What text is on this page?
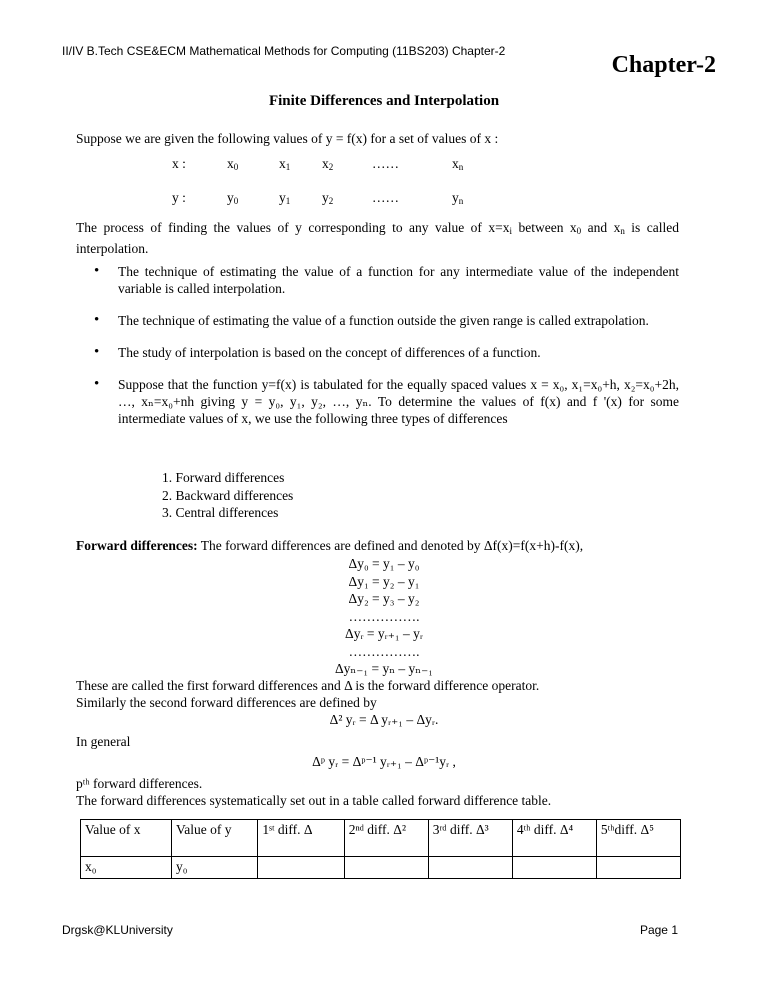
II/IV B.Tech CSE&ECM Mathematical Methods for Computing (11BS203) Chapter-2
Chapter-2
Finite Differences and Interpolation
Suppose we are given the following values of y = f(x) for a set of values of x :
x :	$x_0$	$x_1$ $x_2$	……	$x_n$
y :	$y_0$	$y_1$ $y_2$	……	$y_n$
The process of finding the values of y corresponding to any value of $x=x_i$ between $x_0$ and $x_n$ is called interpolation.
• The technique of estimating the value of a function for any intermediate value of the independent variable is called interpolation.
• The technique of estimating the value of a function outside the given range is called extrapolation.
• The study of interpolation is based on the concept of differences of a function.
• Suppose that the function y=f(x) is tabulated for the equally spaced values x = x₀, x₁=x₀+h, x₂=x₀+2h, …, xₙ=x₀+nh giving y = y₀, y₁, y₂, …, yₙ. To determine the values of f(x) and f '(x) for some intermediate values of x, we use the following three types of differences
1. Forward differences
2. Backward differences
3. Central differences
Forward differences: The forward differences are defined and denoted by Δf(x)=f(x+h)-f(x),
Δy₀ = y₁ – y₀
Δy₁ = y₂ – y₁
Δy₂ = y₃ – y₂
…………….
Δyᵣ = yᵣ₊₁ – yᵣ
…………….
Δyₙ₋₁ = yₙ – yₙ₋₁
These are called the first forward differences and Δ is the forward difference operator.
Similarly the second forward differences are defined by
Δ² yᵣ = Δ yᵣ₊₁ – Δyᵣ.
In general
Δᵖ yᵣ = Δᵖ⁻¹ yᵣ₊₁ – Δᵖ⁻¹yᵣ ,
pᵗʰ forward differences.
The forward differences systematically set out in a table called forward difference table.
Value of x	Value of y	1ˢᵗ diff. Δ	2ⁿᵈ diff. Δ²	3ʳᵈ diff. Δ³	4ᵗʰ diff. Δ⁴	5ᵗʰdiff. Δ⁵
x₀	y₀					
Drgsk@KLUniversity	Page 1
